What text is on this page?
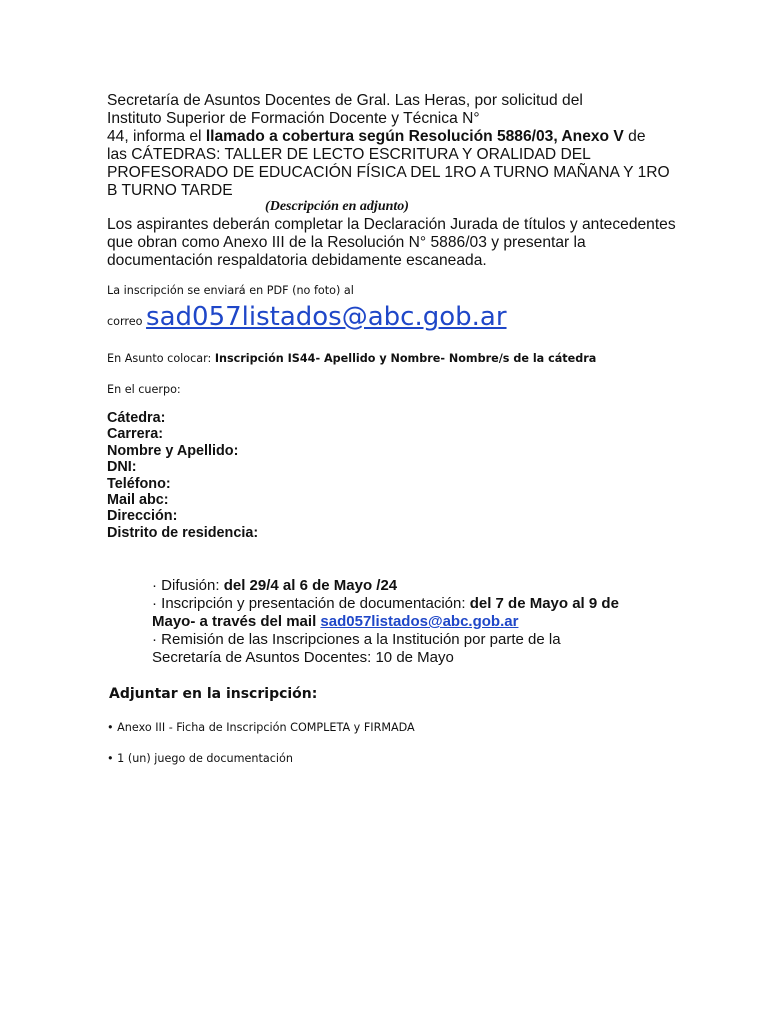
Secretaría de Asuntos Docentes de Gral. Las Heras, por solicitud del
Instituto Superior de Formación Docente y Técnica N°
44, informa el llamado a cobertura según Resolución 5886/03, Anexo V de
las CÁTEDRAS: TALLER DE LECTO ESCRITURA Y ORALIDAD DEL
PROFESORADO DE EDUCACIÓN FÍSICA DEL 1RO A TURNO MAÑANA Y 1RO
B TURNO TARDE
(Descripción en adjunto)
Los aspirantes deberán completar la Declaración Jurada de títulos y antecedentes
que obran como Anexo III de la Resolución N° 5886/03 y presentar la
documentación respaldatoria debidamente escaneada.
La inscripción se enviará en PDF (no foto) al
correo sad057listados@abc.gob.ar
En Asunto colocar: Inscripción IS44- Apellido y Nombre- Nombre/s de la cátedra
En el cuerpo:
Cátedra:
Carrera:
Nombre y Apellido:
DNI:
Teléfono:
Mail abc:
Dirección:
Distrito de residencia:
· Difusión: del 29/4 al 6 de Mayo /24
· Inscripción y presentación de documentación: del 7 de Mayo al 9 de
Mayo- a través del mail sad057listados@abc.gob.ar
· Remisión de las Inscripciones a la Institución por parte de la
Secretaría de Asuntos Docentes: 10 de Mayo
Adjuntar en la inscripción:
• Anexo III - Ficha de Inscripción COMPLETA y FIRMADA
• 1 (un) juego de documentación
